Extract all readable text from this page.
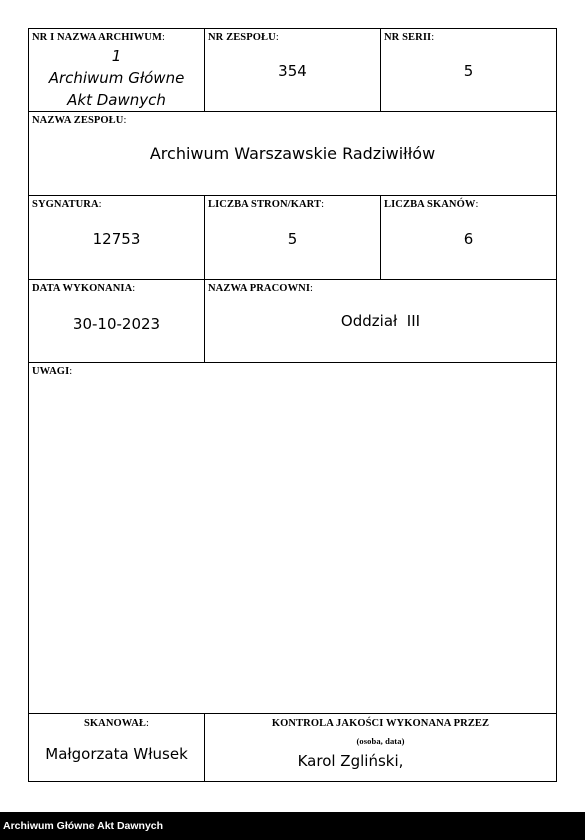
NR I NAZWA ARCHIWUM:
1
Archiwum Główne
Akt Dawnych
NR ZESPOŁU:
354
NR SERII:
5
NAZWA ZESPOŁU:
Archiwum Warszawskie Radziwiłłów
SYGNATURA:
12753
LICZBA STRON/KART:
5
LICZBA SKANÓW:
6
DATA WYKONANIA:
30-10-2023
NAZWA PRACOWNI:
Oddział  III
UWAGI:
SKANOWAŁ:
Małgorzata Włusek
KONTROLA JAKOŚCI WYKONANA PRZEZ
(osoba, data)
Karol Zgliński,
Archiwum Główne Akt Dawnych
